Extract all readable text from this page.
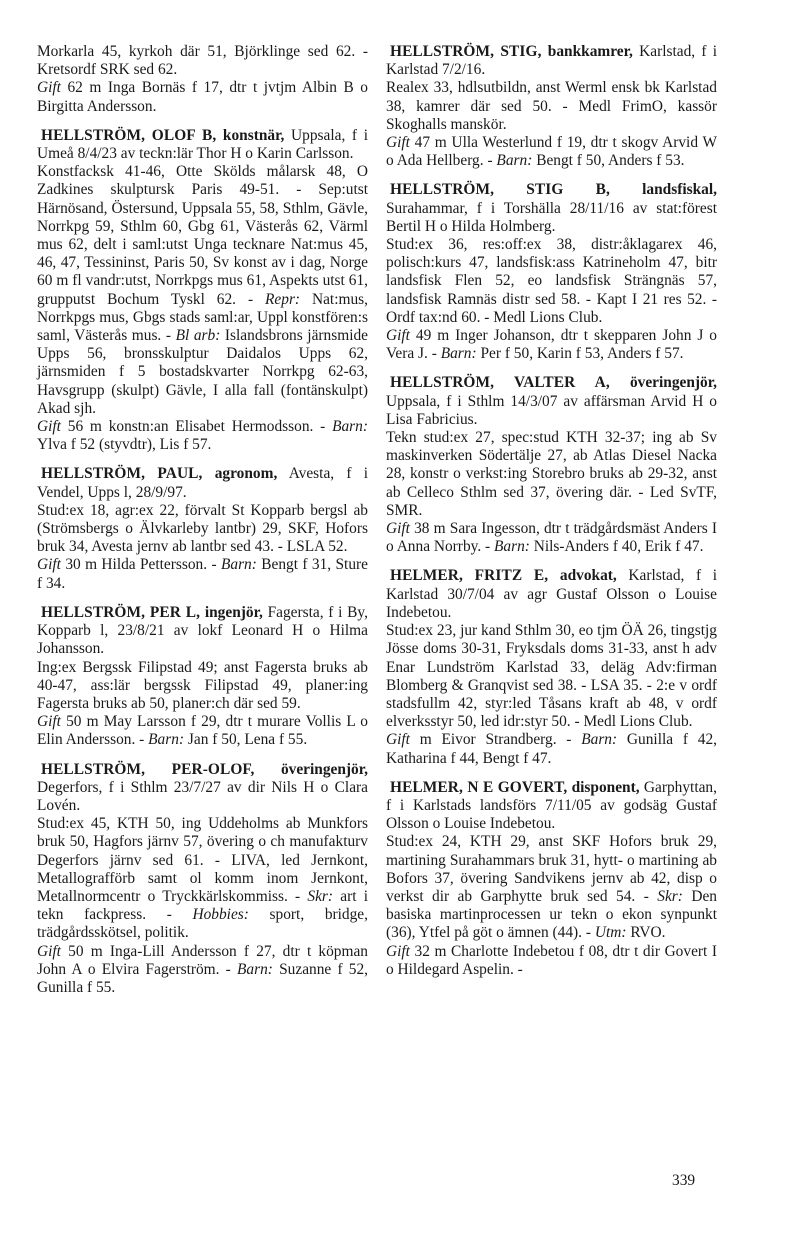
Morkarla 45, kyrkoh där 51, Björklinge sed 62. - Kretsordf SRK sed 62.

Gift 62 m Inga Bornäs f 17, dtr t jvtjm Albin B o Birgitta Andersson.

HELLSTRÖM, OLOF B, konstnär, Uppsala, f i Umeå 8/4/23 av teckn:lär Thor H o Karin Carlsson.

Konstfacksk 41-46, Otte Skölds målarsk 48, O Zadkines skulptursk Paris 49-51. - Sep:utst Härnösand, Östersund, Uppsala 55, 58, Sthlm, Gävle, Norrkpg 59, Sthlm 60, Gbg 61, Västerås 62, Värml mus 62, delt i saml:utst Unga tecknare Nat:mus 45, 46, 47, Tessininst, Paris 50, Sv konst av i dag, Norge 60 m fl vandr:utst, Norrkpgs mus 61, Aspekts utst 61, grupputst Bochum Tyskl 62. - Repr: Nat:mus, Norrkpgs mus, Gbgs stads saml:ar, Uppl konstfören:s saml, Västerås mus. - Bl arb: Islandsbrons järnsmide Upps 56, bronsskulptur Daidalos Upps 62, järnsmiden f 5 bostadskvarter Norrkpg 62-63, Havsgrupp (skulpt) Gävle, I alla fall (fontänskulpt) Akad sjh.

Gift 56 m konstn:an Elisabet Hermodsson. - Barn: Ylva f 52 (styvdtr), Lis f 57.

HELLSTRÖM, PAUL, agronom, Avesta, f i Vendel, Upps l, 28/9/97.

Stud:ex 18, agr:ex 22, förvalt St Kopparb bergsl ab (Strömsbergs o Älvkarleby lantbr) 29, SKF, Hofors bruk 34, Avesta jernv ab lantbr sed 43. - LSLA 52.

Gift 30 m Hilda Pettersson. - Barn: Bengt f 31, Sture f 34.

HELLSTRÖM, PER L, ingenjör, Fagersta, f i By, Kopparb l, 23/8/21 av lokf Leonard H o Hilma Johansson.

Ing:ex Bergssk Filipstad 49; anst Fagersta bruks ab 40-47, ass:lär bergssk Filipstad 49, planer:ing Fagersta bruks ab 50, planer:ch där sed 59.

Gift 50 m May Larsson f 29, dtr t murare Vollis L o Elin Andersson. - Barn: Jan f 50, Lena f 55.

HELLSTRÖM, PER-OLOF, överingenjör, Degerfors, f i Sthlm 23/7/27 av dir Nils H o Clara Lovén.

Stud:ex 45, KTH 50, ing Uddeholms ab Munkfors bruk 50, Hagfors järnv 57, övering o ch manufakturv Degerfors järnv sed 61. - LIVA, led Jernkont, Metallografförb samt ol komm inom Jernkont, Metallnormcentr o Tryckkärlskommiss. - Skr: art i tekn fackpress. - Hobbies: sport, bridge, trädgårdsskötsel, politik.

Gift 50 m Inga-Lill Andersson f 27, dtr t köpman John A o Elvira Fagerström. - Barn: Suzanne f 52, Gunilla f 55.

HELLSTRÖM, STIG, bankkamrer, Karlstad, f i Karlstad 7/2/16.

Realex 33, hdlsutbildn, anst Werml ensk bk Karlstad 38, kamrer där sed 50. - Medl FrimO, kassör Skoghalls manskör.

Gift 47 m Ulla Westerlund f 19, dtr t skogv Arvid W o Ada Hellberg. - Barn: Bengt f 50, Anders f 53.

HELLSTRÖM, STIG B, landsfiskal, Surahammar, f i Torshälla 28/11/16 av stat:förest Bertil H o Hilda Holmberg.

Stud:ex 36, res:off:ex 38, distr:åklagarex 46, polisch:kurs 47, landsfisk:ass Katrineholm 47, bitr landsfisk Flen 52, eo landsfisk Strängnäs 57, landsfisk Ramnäs distr sed 58. - Kapt I 21 res 52. - Ordf tax:nd 60. - Medl Lions Club.

Gift 49 m Inger Johanson, dtr t skepparen John J o Vera J. - Barn: Per f 50, Karin f 53, Anders f 57.

HELLSTRÖM, VALTER A, överingenjör, Uppsala, f i Sthlm 14/3/07 av affärsman Arvid H o Lisa Fabricius.

Tekn stud:ex 27, spec:stud KTH 32-37; ing ab Sv maskinverken Södertälje 27, ab Atlas Diesel Nacka 28, konstr o verkst:ing Storebro bruks ab 29-32, anst ab Celleco Sthlm sed 37, övering där. - Led SvTF, SMR.

Gift 38 m Sara Ingesson, dtr t trädgårdsmäst Anders I o Anna Norrby. - Barn: Nils-Anders f 40, Erik f 47.

HELMER, FRITZ E, advokat, Karlstad, f i Karlstad 30/7/04 av agr Gustaf Olsson o Louise Indebetou.

Stud:ex 23, jur kand Sthlm 30, eo tjm ÖÄ 26, tingstjg Jösse doms 30-31, Fryksdals doms 31-33, anst h adv Enar Lundström Karlstad 33, deläg Adv:firman Blomberg & Granqvist sed 38. - LSA 35. - 2:e v ordf stadsfullm 42, styr:led Tåsans kraft ab 48, v ordf elverksstyr 50, led idr:styr 50. - Medl Lions Club.

Gift m Eivor Strandberg. - Barn: Gunilla f 42, Katharina f 44, Bengt f 47.

HELMER, N E GOVERT, disponent, Garphyttan, f i Karlstads landsförs 7/11/05 av godsäg Gustaf Olsson o Louise Indebetou.

Stud:ex 24, KTH 29, anst SKF Hofors bruk 29, martining Surahammars bruk 31, hytt- o martining ab Bofors 37, övering Sandvikens jernv ab 42, disp o verkst dir ab Garphytte bruk sed 54. - Skr: Den basiska martinprocessen ur tekn o ekon synpunkt (36), Ytfel på göt o ämnen (44). - Utm: RVO.

Gift 32 m Charlotte Indebetou f 08, dtr t dir Govert I o Hildegard Aspelin. -

339
